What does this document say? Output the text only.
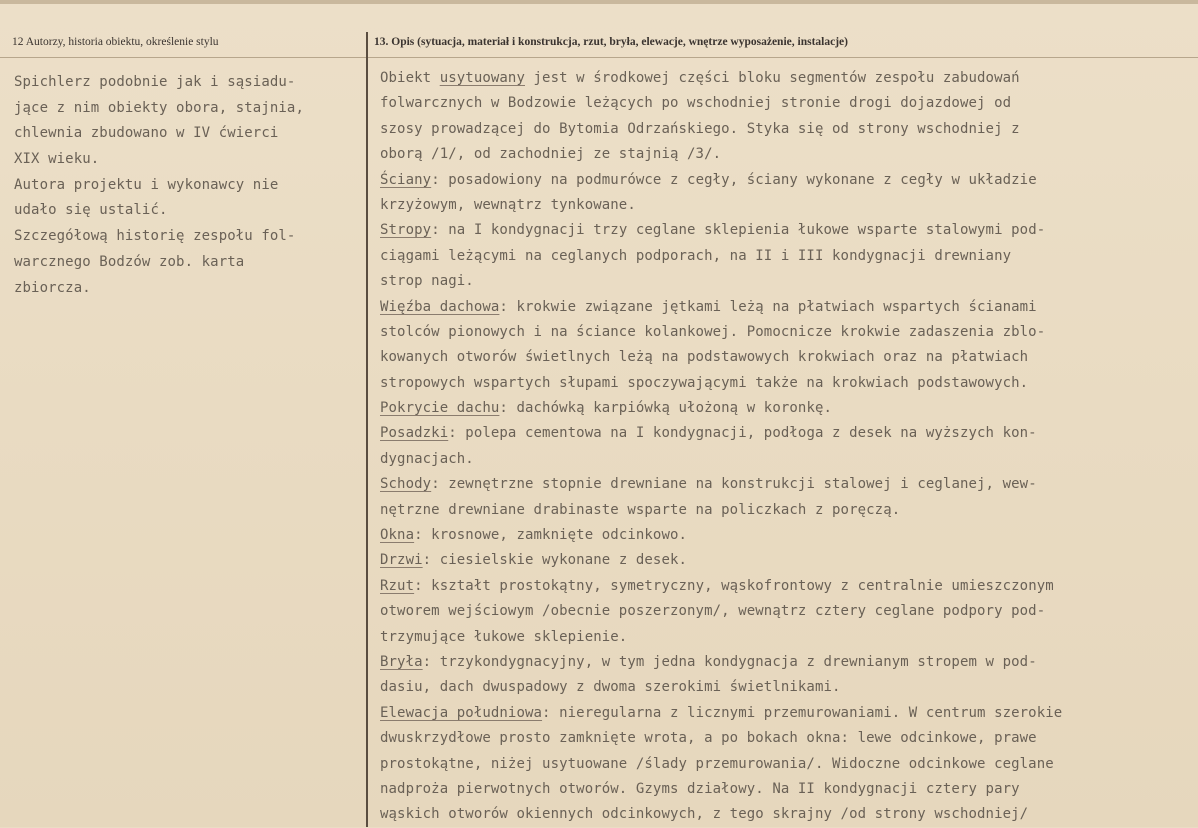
12 Autorzy, historia obiektu, określenie stylu	13. Opis (sytuacja, materiał i konstrukcja, rzut, bryła, elewacje, wnętrze wyposażenie, instalacje)
Spichlerz podobnie jak i sąsiadu-
jące z nim obiekty obora, stajnia,
chlewnia zbudowano w IV ćwierci
XIX wieku.
Autora projektu i wykonawcy nie
udało się ustalić.
Szczegółową historię zespołu fol-
warcznego Bodzów zob. karta
zbiorcza.
Obiekt usytuowany jest w środkowej części bloku segmentów zespołu zabudowań
folwarcznych w Bodzowie leżących po wschodniej stronie drogi dojazdowej od
szosy prowadzącej do Bytomia Odrzańskiego. Styka się od strony wschodniej z
oborą /1/, od zachodniej ze stajnią /3/.
Ściany: posadowiony na podmurówce z cegły, ściany wykonane z cegły w układzie
krzyżowym, wewnątrz tynkowane.
Stropy: na I kondygnacji trzy ceglane sklepienia łukowe wsparte stalowymi pod-
ciągami leżącymi na ceglanych podporach, na II i III kondygnacji drewniany
strop nagi.
Więźba dachowa: krokwie związane jętkami leżą na płatwiach wspartych ścianami
stolców pionowych i na ściance kolankowej. Pomocnicze krokwie zadaszenia zblo-
kowanych otworów świetlnych leżą na podstawowych krokwiach oraz na płatwiach
stropowych wspartych słupami spoczywającymi także na krokwiach podstawowych.
Pokrycie dachu: dachówką karpiówką ułożoną w koronkę.
Posadzki: polepa cementowa na I kondygnacji, podłoga z desek na wyższych kon-
dygnacjach.
Schody: zewnętrzne stopnie drewniane na konstrukcji stalowej i ceglanej, wew-
nętrzne drewniane drabinaste wsparte na policzkach z poręczą.
Okna: krosnowe, zamknięte odcinkowo.
Drzwi: ciesielskie wykonane z desek.
Rzut: kształt prostokątny, symetryczny, wąskofrontowy z centralnie umieszczonym
otworem wejściowym /obecnie poszerzonym/, wewnątrz cztery ceglane podpory pod-
trzymujące łukowe sklepienie.
Bryła: trzykondygnacyjny, w tym jedna kondygnacja z drewnianym stropem w pod-
dasiu, dach dwuspadowy z dwoma szerokimi świetlnikami.
Elewacja południowa: nieregularna z licznymi przemurowaniami. W centrum szerokie
dwuskrzydłowe prosto zamknięte wrota, a po bokach okna: lewe odcinkowe, prawe
prostokątne, niżej usytuowane /ślady przemurowania/. Widoczne odcinkowe ceglane
nadproża pierwotnych otworów. Gzyms działowy. Na II kondygnacji cztery pary
wąskich otworów okiennych odcinkowych, z tego skrajny /od strony wschodniej/
